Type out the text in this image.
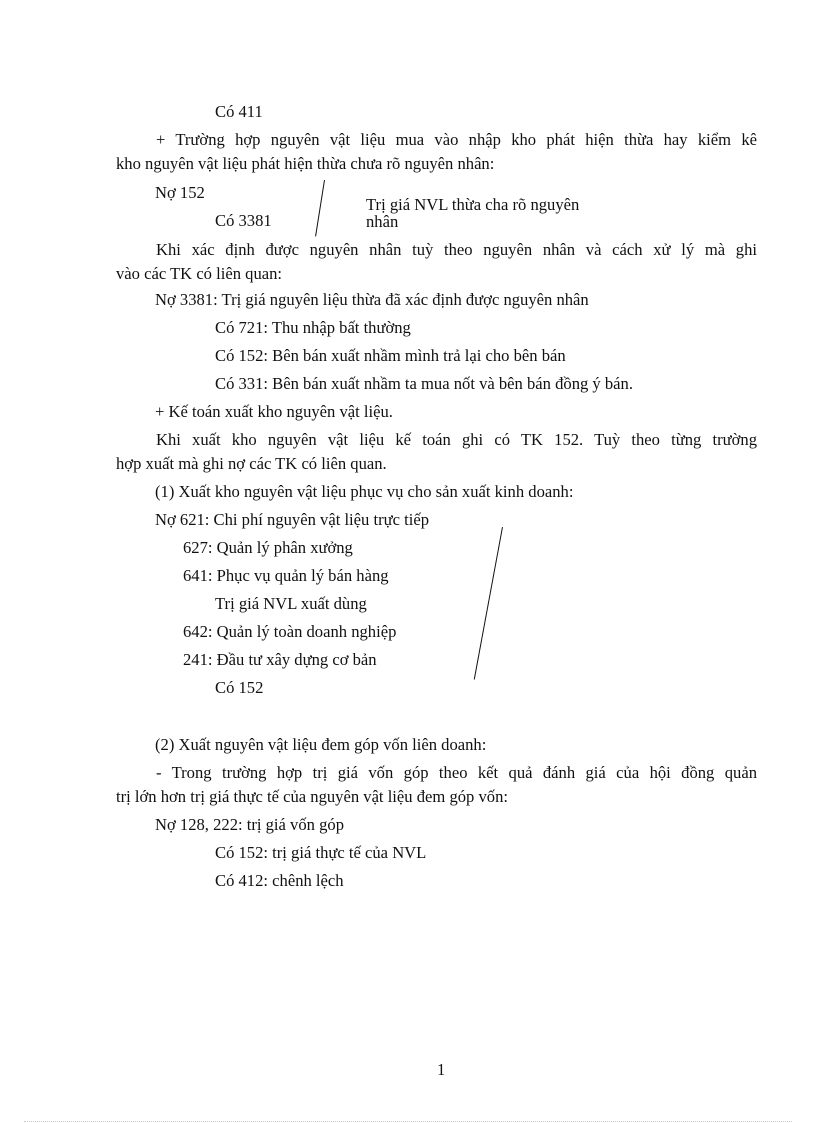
Có 411
+ Trường hợp nguyên vật liệu mua vào nhập kho phát hiện thừa hay kiểm kê
kho nguyên vật liệu phát hiện thừa chưa rõ nguyên nhân:
Nợ 152
Có 3381
Trị giá NVL thừa cha rõ nguyên
nhân
Khi xác định được nguyên nhân tuỳ theo nguyên nhân và cách xử lý mà ghi
vào các TK có liên quan:
Nợ 3381: Trị giá nguyên liệu thừa đã xác định được nguyên nhân
Có 721: Thu nhập bất thường
Có 152: Bên bán xuất nhầm mình trả lại cho bên bán
Có 331: Bên bán xuất nhầm ta mua nốt và bên bán đồng ý bán.
+ Kế toán xuất kho nguyên vật liệu.
Khi xuất kho nguyên vật liệu kế toán ghi có TK 152. Tuỳ theo từng trường
hợp xuất mà ghi nợ các TK có liên quan.
(1) Xuất kho nguyên vật liệu phục vụ cho sản xuất kinh doanh:
Nợ 621: Chi phí nguyên vật liệu trực tiếp
627: Quản lý phân xưởng
641: Phục vụ quản lý bán hàng
Trị giá NVL xuất dùng
642: Quản lý toàn doanh nghiệp
241: Đầu tư xây dựng cơ bản
Có 152
(2) Xuất nguyên vật liệu đem góp vốn liên doanh:
- Trong trường hợp trị giá vốn góp theo kết quả đánh giá của hội đồng quản
trị lớn hơn trị giá thực tế của nguyên vật liệu đem góp vốn:
Nợ 128, 222: trị giá vốn góp
Có 152: trị giá thực tế của NVL
Có 412: chênh lệch
1
